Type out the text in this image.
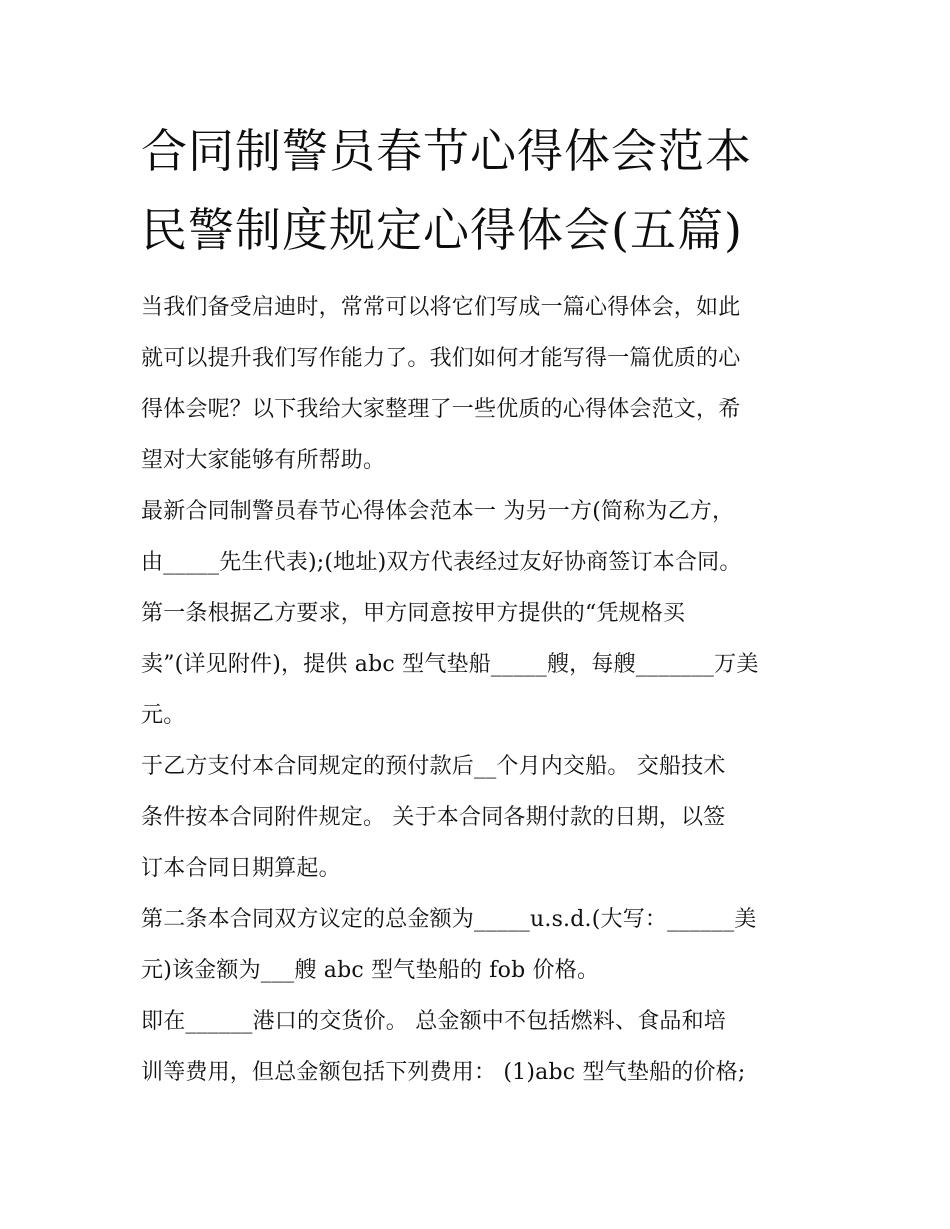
合同制警员春节心得体会范本
民警制度规定心得体会(五篇)
当我们备受启迪时，常常可以将它们写成一篇心得体会，如此
就可以提升我们写作能力了。我们如何才能写得一篇优质的心
得体会呢？以下我给大家整理了一些优质的心得体会范文，希
望对大家能够有所帮助。
最新合同制警员春节心得体会范本一 为另一方(简称为乙方，
由_____先生代表);(地址)双方代表经过友好协商签订本合同。
第一条根据乙方要求，甲方同意按甲方提供的“凭规格买
卖”(详见附件)，提供 abc 型气垫船_____艘，每艘_______万美
元。
于乙方支付本合同规定的预付款后__个月内交船。 交船技术
条件按本合同附件规定。 关于本合同各期付款的日期，以签
订本合同日期算起。
第二条本合同双方议定的总金额为_____u.s.d.(大写：______美
元)该金额为___艘 abc 型气垫船的 fob 价格。
即在______港口的交货价。 总金额中不包括燃料、食品和培
训等费用，但总金额包括下列费用： (1)abc 型气垫船的价格;
